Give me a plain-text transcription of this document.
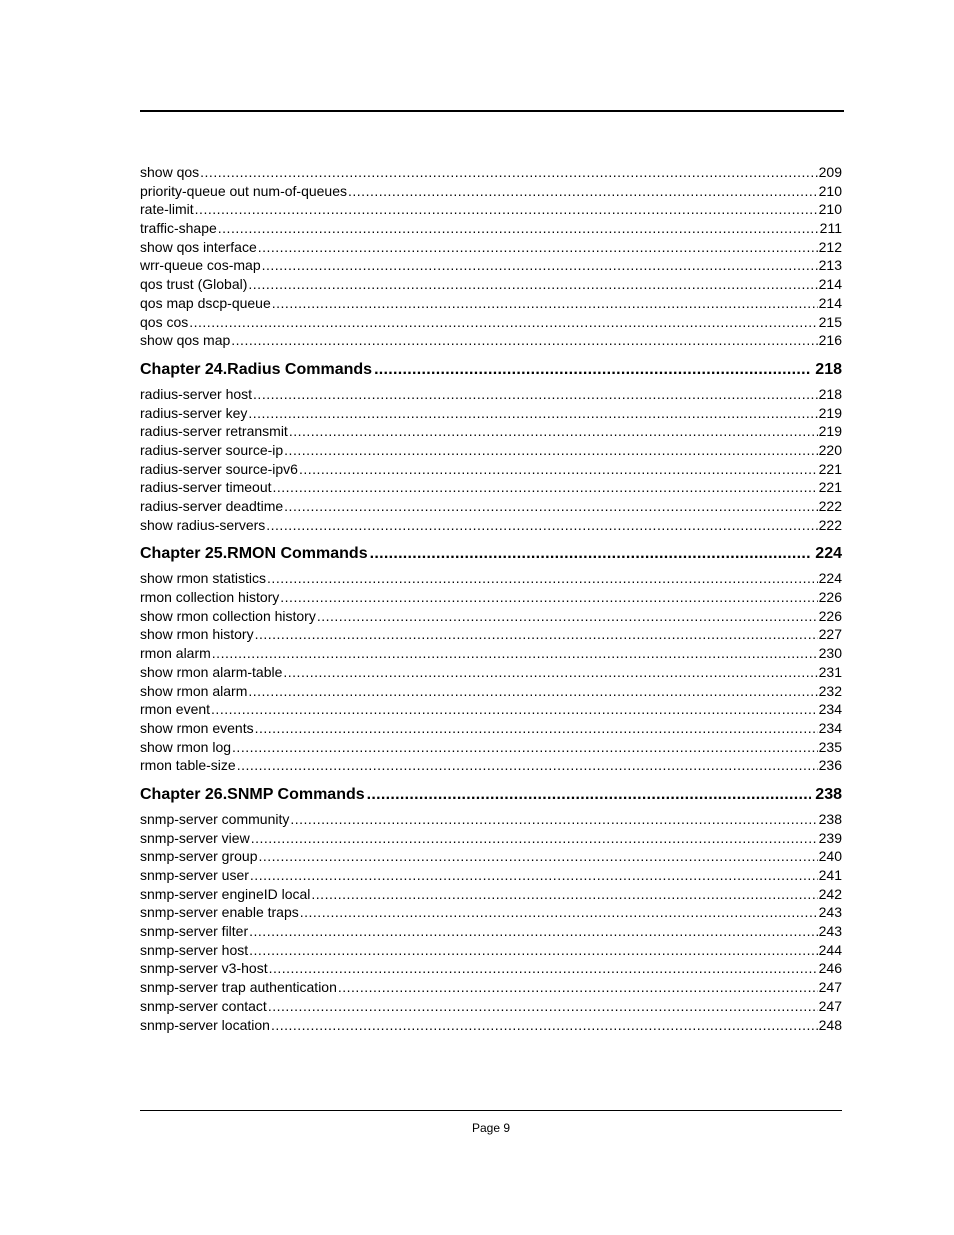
show qos .....	209
priority-queue out num-of-queues .....	210
rate-limit .....	210
traffic-shape .....	211
show qos interface .....	212
wrr-queue cos-map .....	213
qos trust (Global) .....	214
qos map dscp-queue .....	214
qos cos .....	215
show qos map .....	216
Chapter 24.Radius Commands .....	218
radius-server host .....	218
radius-server key .....	219
radius-server retransmit .....	219
radius-server source-ip .....	220
radius-server source-ipv6 .....	221
radius-server timeout .....	221
radius-server deadtime .....	222
show radius-servers .....	222
Chapter 25.RMON Commands .....	224
show rmon statistics .....	224
rmon collection history .....	226
show rmon collection history .....	226
show rmon history .....	227
rmon alarm .....	230
show rmon alarm-table .....	231
show rmon alarm .....	232
rmon event .....	234
show rmon events .....	234
show rmon log .....	235
rmon table-size .....	236
Chapter 26.SNMP Commands .....	238
snmp-server community .....	238
snmp-server view .....	239
snmp-server group .....	240
snmp-server user .....	241
snmp-server engineID local .....	242
snmp-server enable traps .....	243
snmp-server filter .....	243
snmp-server host .....	244
snmp-server v3-host .....	246
snmp-server trap authentication .....	247
snmp-server contact .....	247
snmp-server location .....	248
Page 9
